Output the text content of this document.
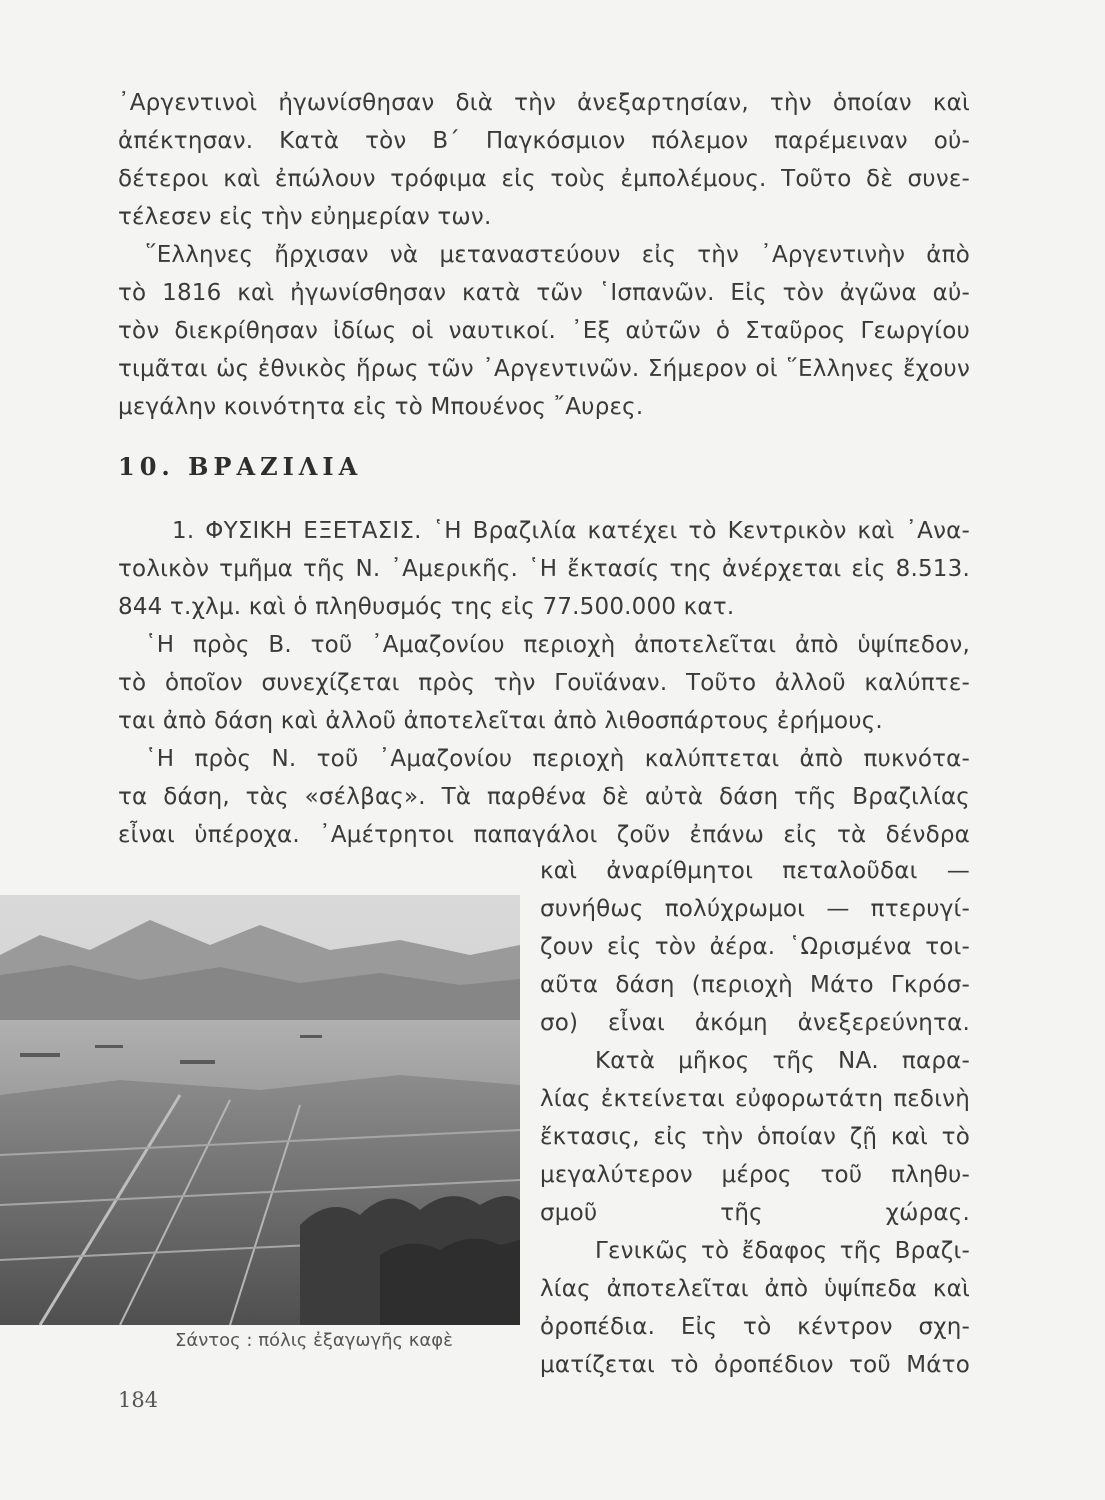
᾿Αργεντινοὶ ἠγωνίσθησαν διὰ τὴν ἀνεξαρτησίαν, τὴν ὁποίαν καὶ
ἀπέκτησαν. Κατὰ τὸν Β΄ Παγκόσμιον πόλεμον παρέμειναν οὐ-
δέτεροι καὶ ἐπώλουν τρόφιμα εἰς τοὺς ἐμπολέμους. Τοῦτο δὲ συνε-
τέλεσεν εἰς τὴν εὐημερίαν των.
῞Ελληνες ἤρχισαν νὰ μεταναστεύουν εἰς τὴν ᾿Αργεντινὴν ἀπὸ
τὸ 1816 καὶ ἠγωνίσθησαν κατὰ τῶν ῾Ισπανῶν. Εἰς τὸν ἀγῶνα αὐ-
τὸν διεκρίθησαν ἰδίως οἱ ναυτικοί. ᾿Εξ αὐτῶν ὁ Σταῦρος Γεωργίου
τιμᾶται ὡς ἐθνικὸς ἥρως τῶν ᾿Αργεντινῶν. Σήμερον οἱ ῞Ελληνες ἔχουν
μεγάλην κοινότητα εἰς τὸ Μπουένος ῎Αυρες.
10. ΒΡΑΖΙΛΙΑ
1. ΦΥΣΙΚΗ ΕΞΕΤΑΣΙΣ. ῾Η Βραζιλία κατέχει τὸ Κεντρικὸν καὶ ᾿Ανα-
τολικὸν τμῆμα τῆς Ν. ᾿Αμερικῆς. ῾Η ἔκτασίς της ἀνέρχεται εἰς 8.513.
844 τ.χλμ. καὶ ὁ πληθυσμός της εἰς 77.500.000 κατ.
῾Η πρὸς Β. τοῦ ᾿Αμαζονίου περιοχὴ ἀποτελεῖται ἀπὸ ὑψίπεδον,
τὸ ὁποῖον συνεχίζεται πρὸς τὴν Γουϊάναν. Τοῦτο ἀλλοῦ καλύπτε-
ται ἀπὸ δάση καὶ ἀλλοῦ ἀποτελεῖται ἀπὸ λιθοσπάρτους ἐρήμους.
῾Η πρὸς Ν. τοῦ ᾿Αμαζονίου περιοχὴ καλύπτεται ἀπὸ πυκνότα-
τα δάση, τὰς «σέλβας». Τὰ παρθένα δὲ αὐτὰ δάση τῆς Βραζιλίας
εἶναι ὑπέροχα. ᾿Αμέτρητοι παπαγάλοι ζοῦν ἐπάνω εἰς τὰ δένδρα
καὶ ἀναρίθμητοι πεταλοῦδαι —
συνήθως πολύχρωμοι — πτερυγί-
ζουν εἰς τὸν ἀέρα. ῾Ωρισμένα τοι-
αῦτα δάση (περιοχὴ Μάτο Γκρόσ-
σο) εἶναι ἀκόμη ἀνεξερεύνητα.
Κατὰ μῆκος τῆς ΝΑ. παρα-
λίας ἐκτείνεται εὐφορωτάτη πεδινὴ
ἔκτασις, εἰς τὴν ὁποίαν ζῇ καὶ τὸ
μεγαλύτερον μέρος τοῦ πληθυ-
σμοῦ τῆς χώρας.
Γενικῶς τὸ ἔδαφος τῆς Βραζι-
λίας ἀποτελεῖται ἀπὸ ὑψίπεδα καὶ
ὀροπέδια. Εἰς τὸ κέντρον σχη-
ματίζεται τὸ ὀροπέδιον τοῦ Μάτο
Σάντος : πόλις ἐξαγωγῆς καφὲ
184
